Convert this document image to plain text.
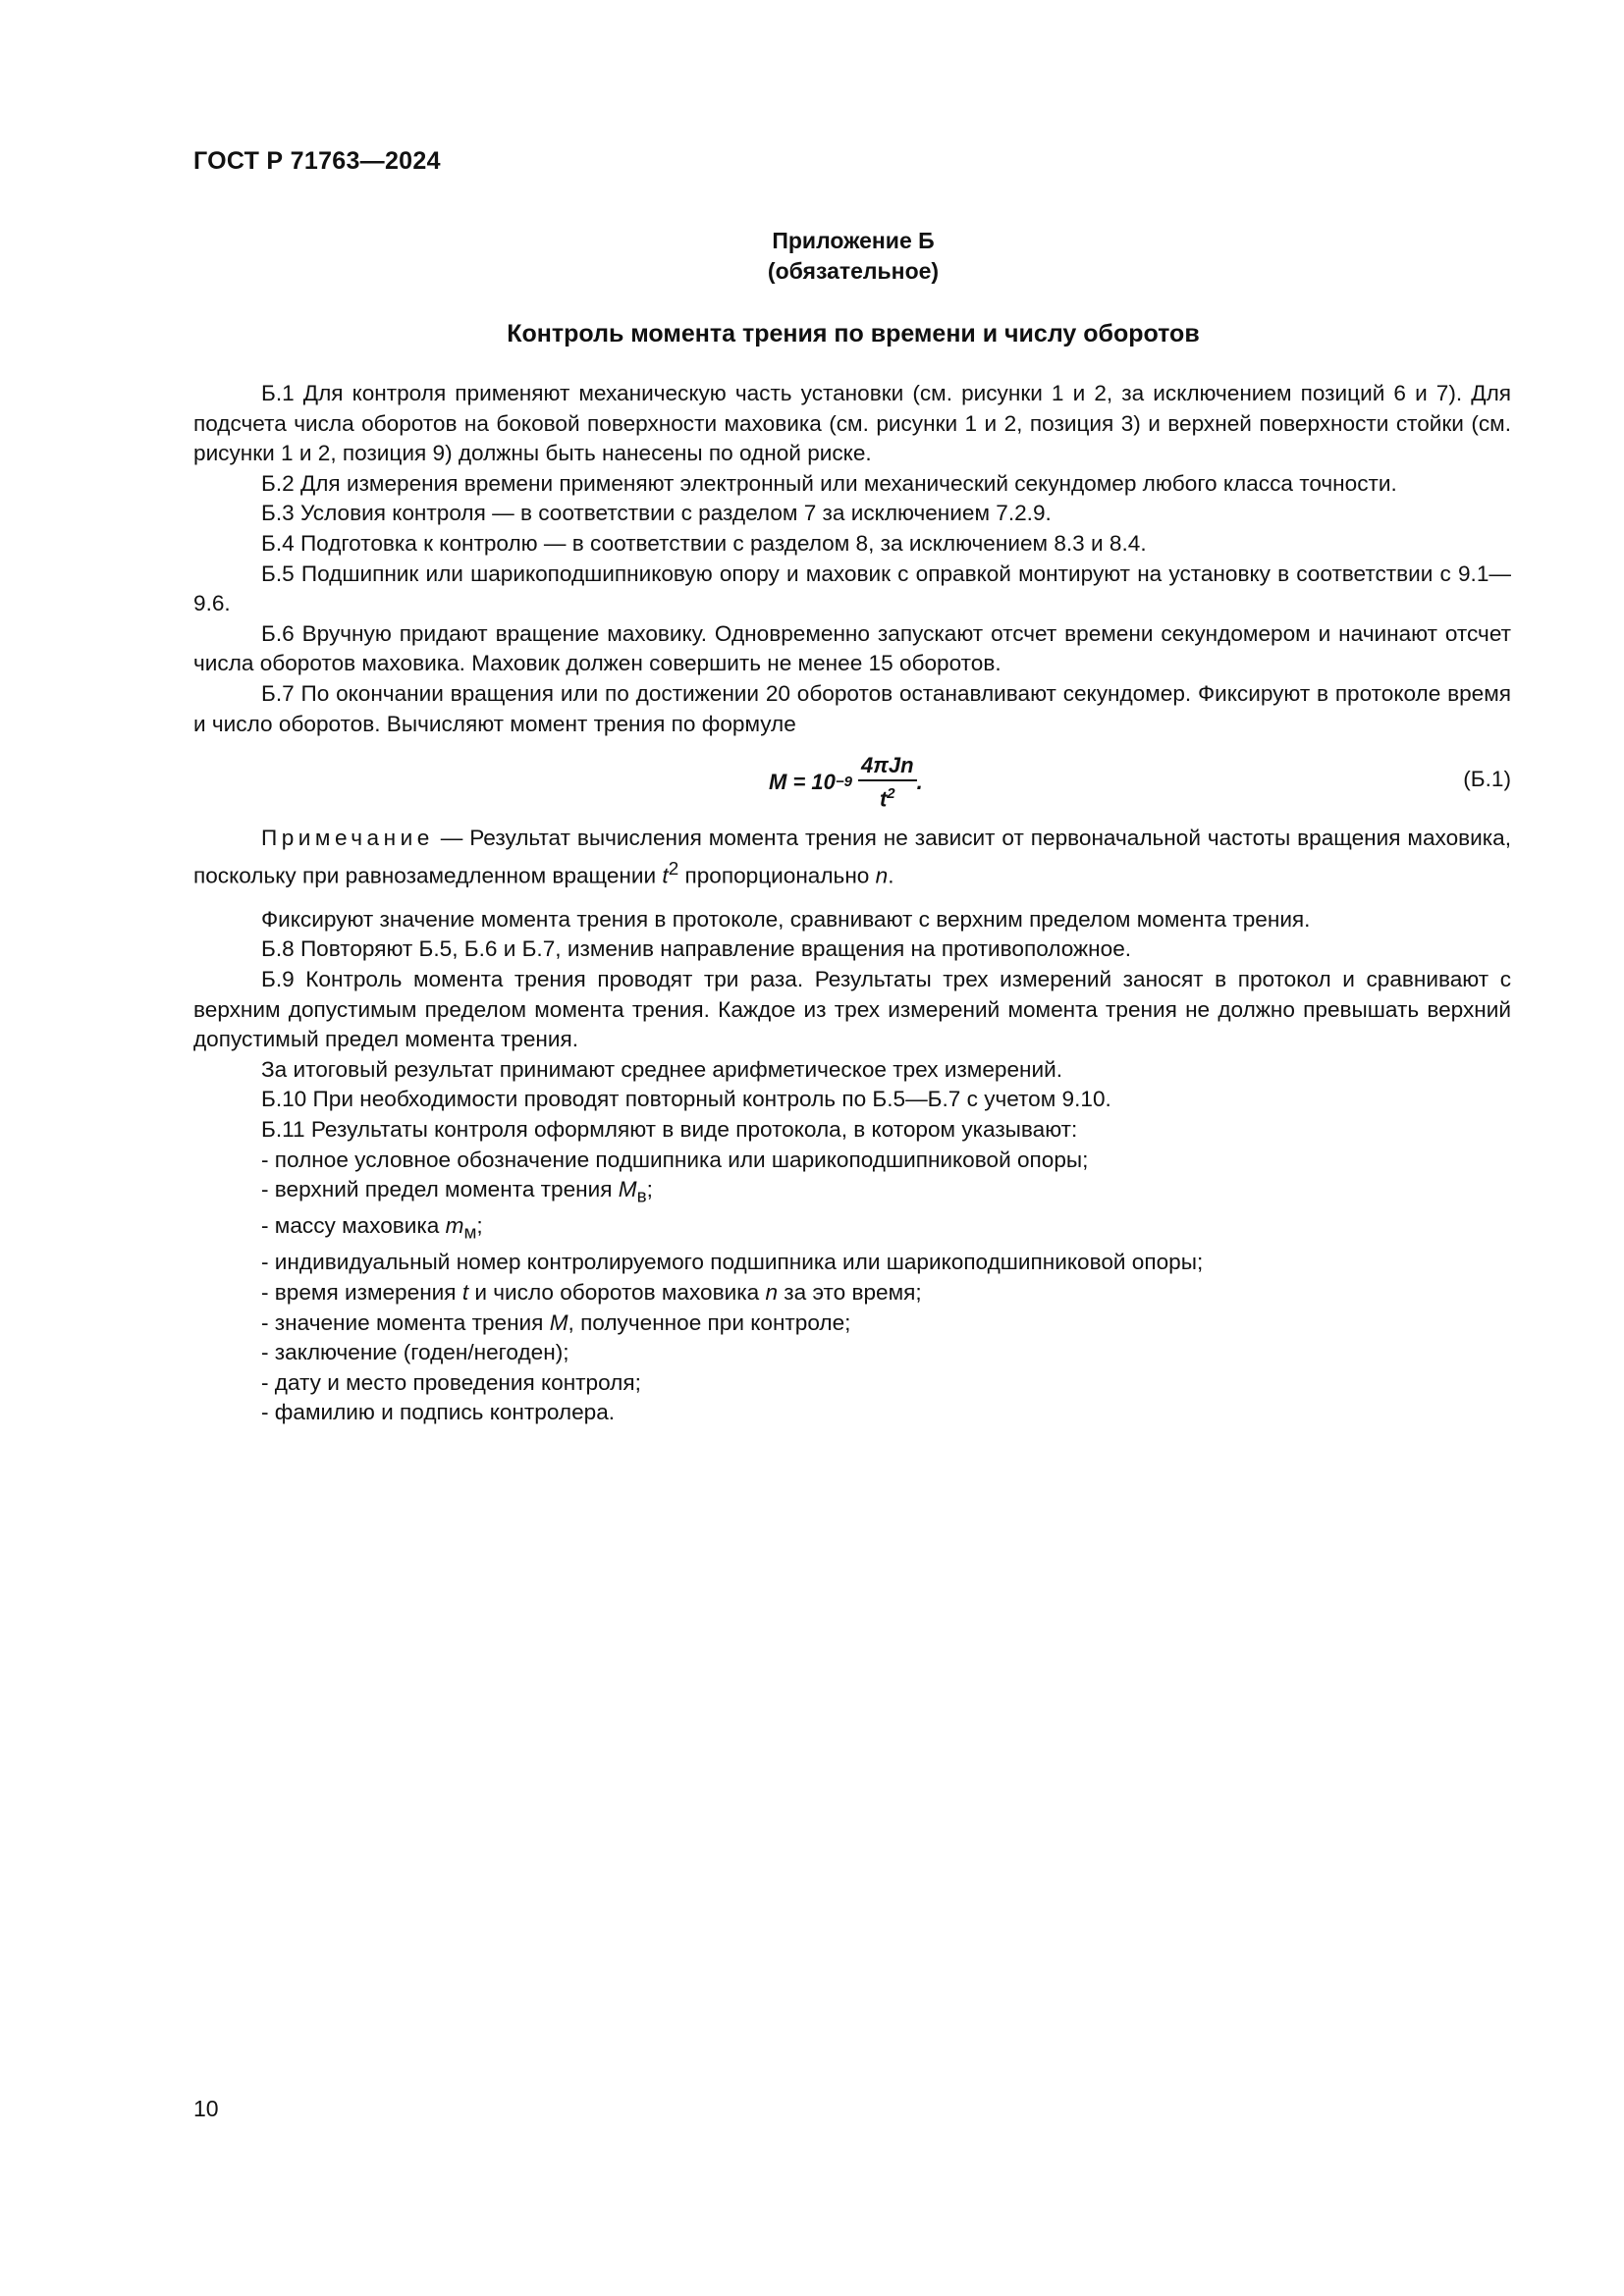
ГОСТ Р 71763—2024
Приложение Б
(обязательное)
Контроль момента трения по времени и числу оборотов

Б.1 Для контроля применяют механическую часть установки (см. рисунки 1 и 2, за исключением позиций 6 и 7). Для подсчета числа оборотов на боковой поверхности маховика (см. рисунки 1 и 2, позиция 3) и верхней поверхности стойки (см. рисунки 1 и 2, позиция 9) должны быть нанесены по одной риске.

Б.2 Для измерения времени применяют электронный или механический секундомер любого класса точности.

Б.3 Условия контроля — в соответствии с разделом 7 за исключением 7.2.9.

Б.4 Подготовка к контролю — в соответствии с разделом 8, за исключением 8.3 и 8.4.

Б.5 Подшипник или шарикоподшипниковую опору и маховик с оправкой монтируют на установку в соответствии с 9.1—9.6.

Б.6 Вручную придают вращение маховику. Одновременно запускают отсчет времени секундомером и начинают отсчет числа оборотов маховика. Маховик должен совершить не менее 15 оборотов.

Б.7 По окончании вращения или по достижении 20 оборотов останавливают секундомер. Фиксируют в протоколе время и число оборотов. Вычисляют момент трения по формуле

$M = 10 -9 \frac{\text{4πJn}}{t^2}$ .	(Б.1)

Примечание — Результат вычисления момента трения не зависит от первоначальной частоты вращения маховика, поскольку при равнозамедленном вращении $t^2$ пропорционально n.

Фиксируют значение момента трения в протоколе, сравнивают с верхним пределом момента трения.

Б.8 Повторяют Б.5, Б.6 и Б.7, изменив направление вращения на противоположное.

Б.9 Контроль момента трения проводят три раза. Результаты трех измерений заносят в протокол и сравнивают с верхним допустимым пределом момента трения. Каждое из трех измерений момента трения не должно превышать верхний допустимый предел момента трения.

За итоговый результат принимают среднее арифметическое трех измерений.

Б.10 При необходимости проводят повторный контроль по Б.5—Б.7 с учетом 9.10.

Б.11 Результаты контроля оформляют в виде протокола, в котором указывают:

- полное условное обозначение подшипника или шарикоподшипниковой опоры;
- верхний предел момента трения $M_в$;
- массу маховика $m_м$;
- индивидуальный номер контролируемого подшипника или шарикоподшипниковой опоры;
- время измерения t и число оборотов маховика n за это время;
- значение момента трения M, полученное при контроле;
- заключение (годен/негоден);
- дату и место проведения контроля;
- фамилию и подпись контролера.
10
